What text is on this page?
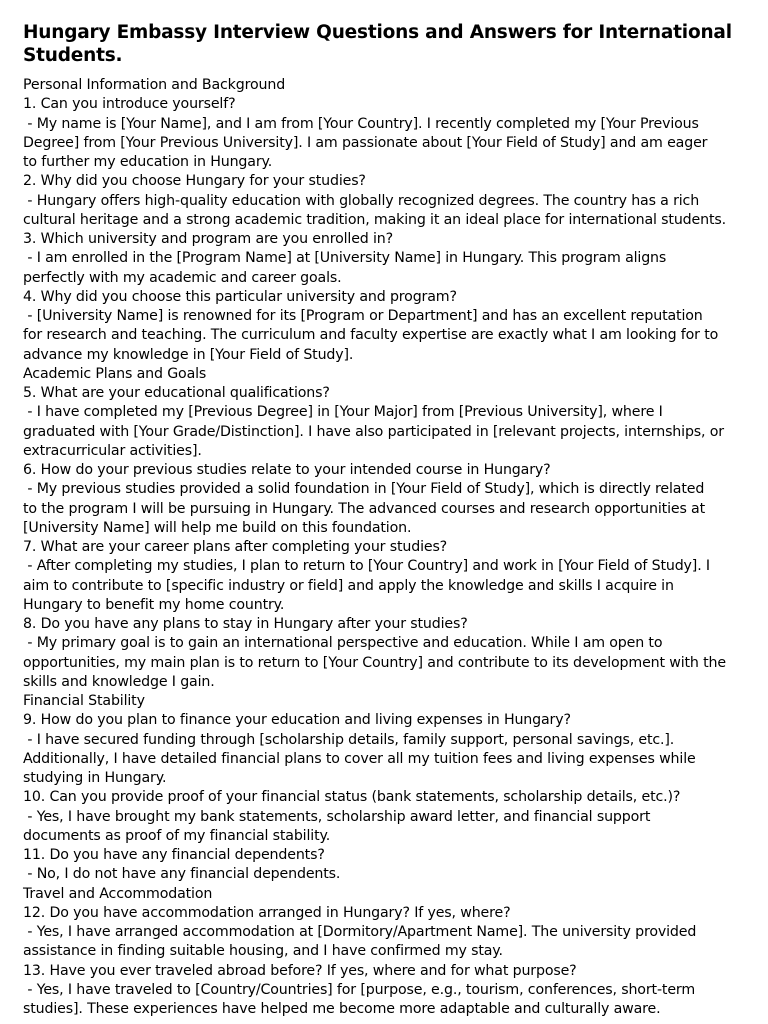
Hungary Embassy Interview Questions and Answers for International Students.
Personal Information and Background
1. Can you introduce yourself?
- My name is [Your Name], and I am from [Your Country]. I recently completed my [Your Previous
Degree] from [Your Previous University]. I am passionate about [Your Field of Study] and am eager
to further my education in Hungary.
2. Why did you choose Hungary for your studies?
- Hungary offers high-quality education with globally recognized degrees. The country has a rich
cultural heritage and a strong academic tradition, making it an ideal place for international students.
3. Which university and program are you enrolled in?
- I am enrolled in the [Program Name] at [University Name] in Hungary. This program aligns
perfectly with my academic and career goals.
4. Why did you choose this particular university and program?
- [University Name] is renowned for its [Program or Department] and has an excellent reputation
for research and teaching. The curriculum and faculty expertise are exactly what I am looking for to
advance my knowledge in [Your Field of Study].
Academic Plans and Goals
5. What are your educational qualifications?
- I have completed my [Previous Degree] in [Your Major] from [Previous University], where I
graduated with [Your Grade/Distinction]. I have also participated in [relevant projects, internships, or
extracurricular activities].
6. How do your previous studies relate to your intended course in Hungary?
- My previous studies provided a solid foundation in [Your Field of Study], which is directly related
to the program I will be pursuing in Hungary. The advanced courses and research opportunities at
[University Name] will help me build on this foundation.
7. What are your career plans after completing your studies?
- After completing my studies, I plan to return to [Your Country] and work in [Your Field of Study]. I
aim to contribute to [specific industry or field] and apply the knowledge and skills I acquire in
Hungary to benefit my home country.
8. Do you have any plans to stay in Hungary after your studies?
- My primary goal is to gain an international perspective and education. While I am open to
opportunities, my main plan is to return to [Your Country] and contribute to its development with the
skills and knowledge I gain.
Financial Stability
9. How do you plan to finance your education and living expenses in Hungary?
- I have secured funding through [scholarship details, family support, personal savings, etc.].
Additionally, I have detailed financial plans to cover all my tuition fees and living expenses while
studying in Hungary.
10. Can you provide proof of your financial status (bank statements, scholarship details, etc.)?
- Yes, I have brought my bank statements, scholarship award letter, and financial support
documents as proof of my financial stability.
11. Do you have any financial dependents?
- No, I do not have any financial dependents.
Travel and Accommodation
12. Do you have accommodation arranged in Hungary? If yes, where?
- Yes, I have arranged accommodation at [Dormitory/Apartment Name]. The university provided
assistance in finding suitable housing, and I have confirmed my stay.
13. Have you ever traveled abroad before? If yes, where and for what purpose?
- Yes, I have traveled to [Country/Countries] for [purpose, e.g., tourism, conferences, short-term
studies]. These experiences have helped me become more adaptable and culturally aware.
